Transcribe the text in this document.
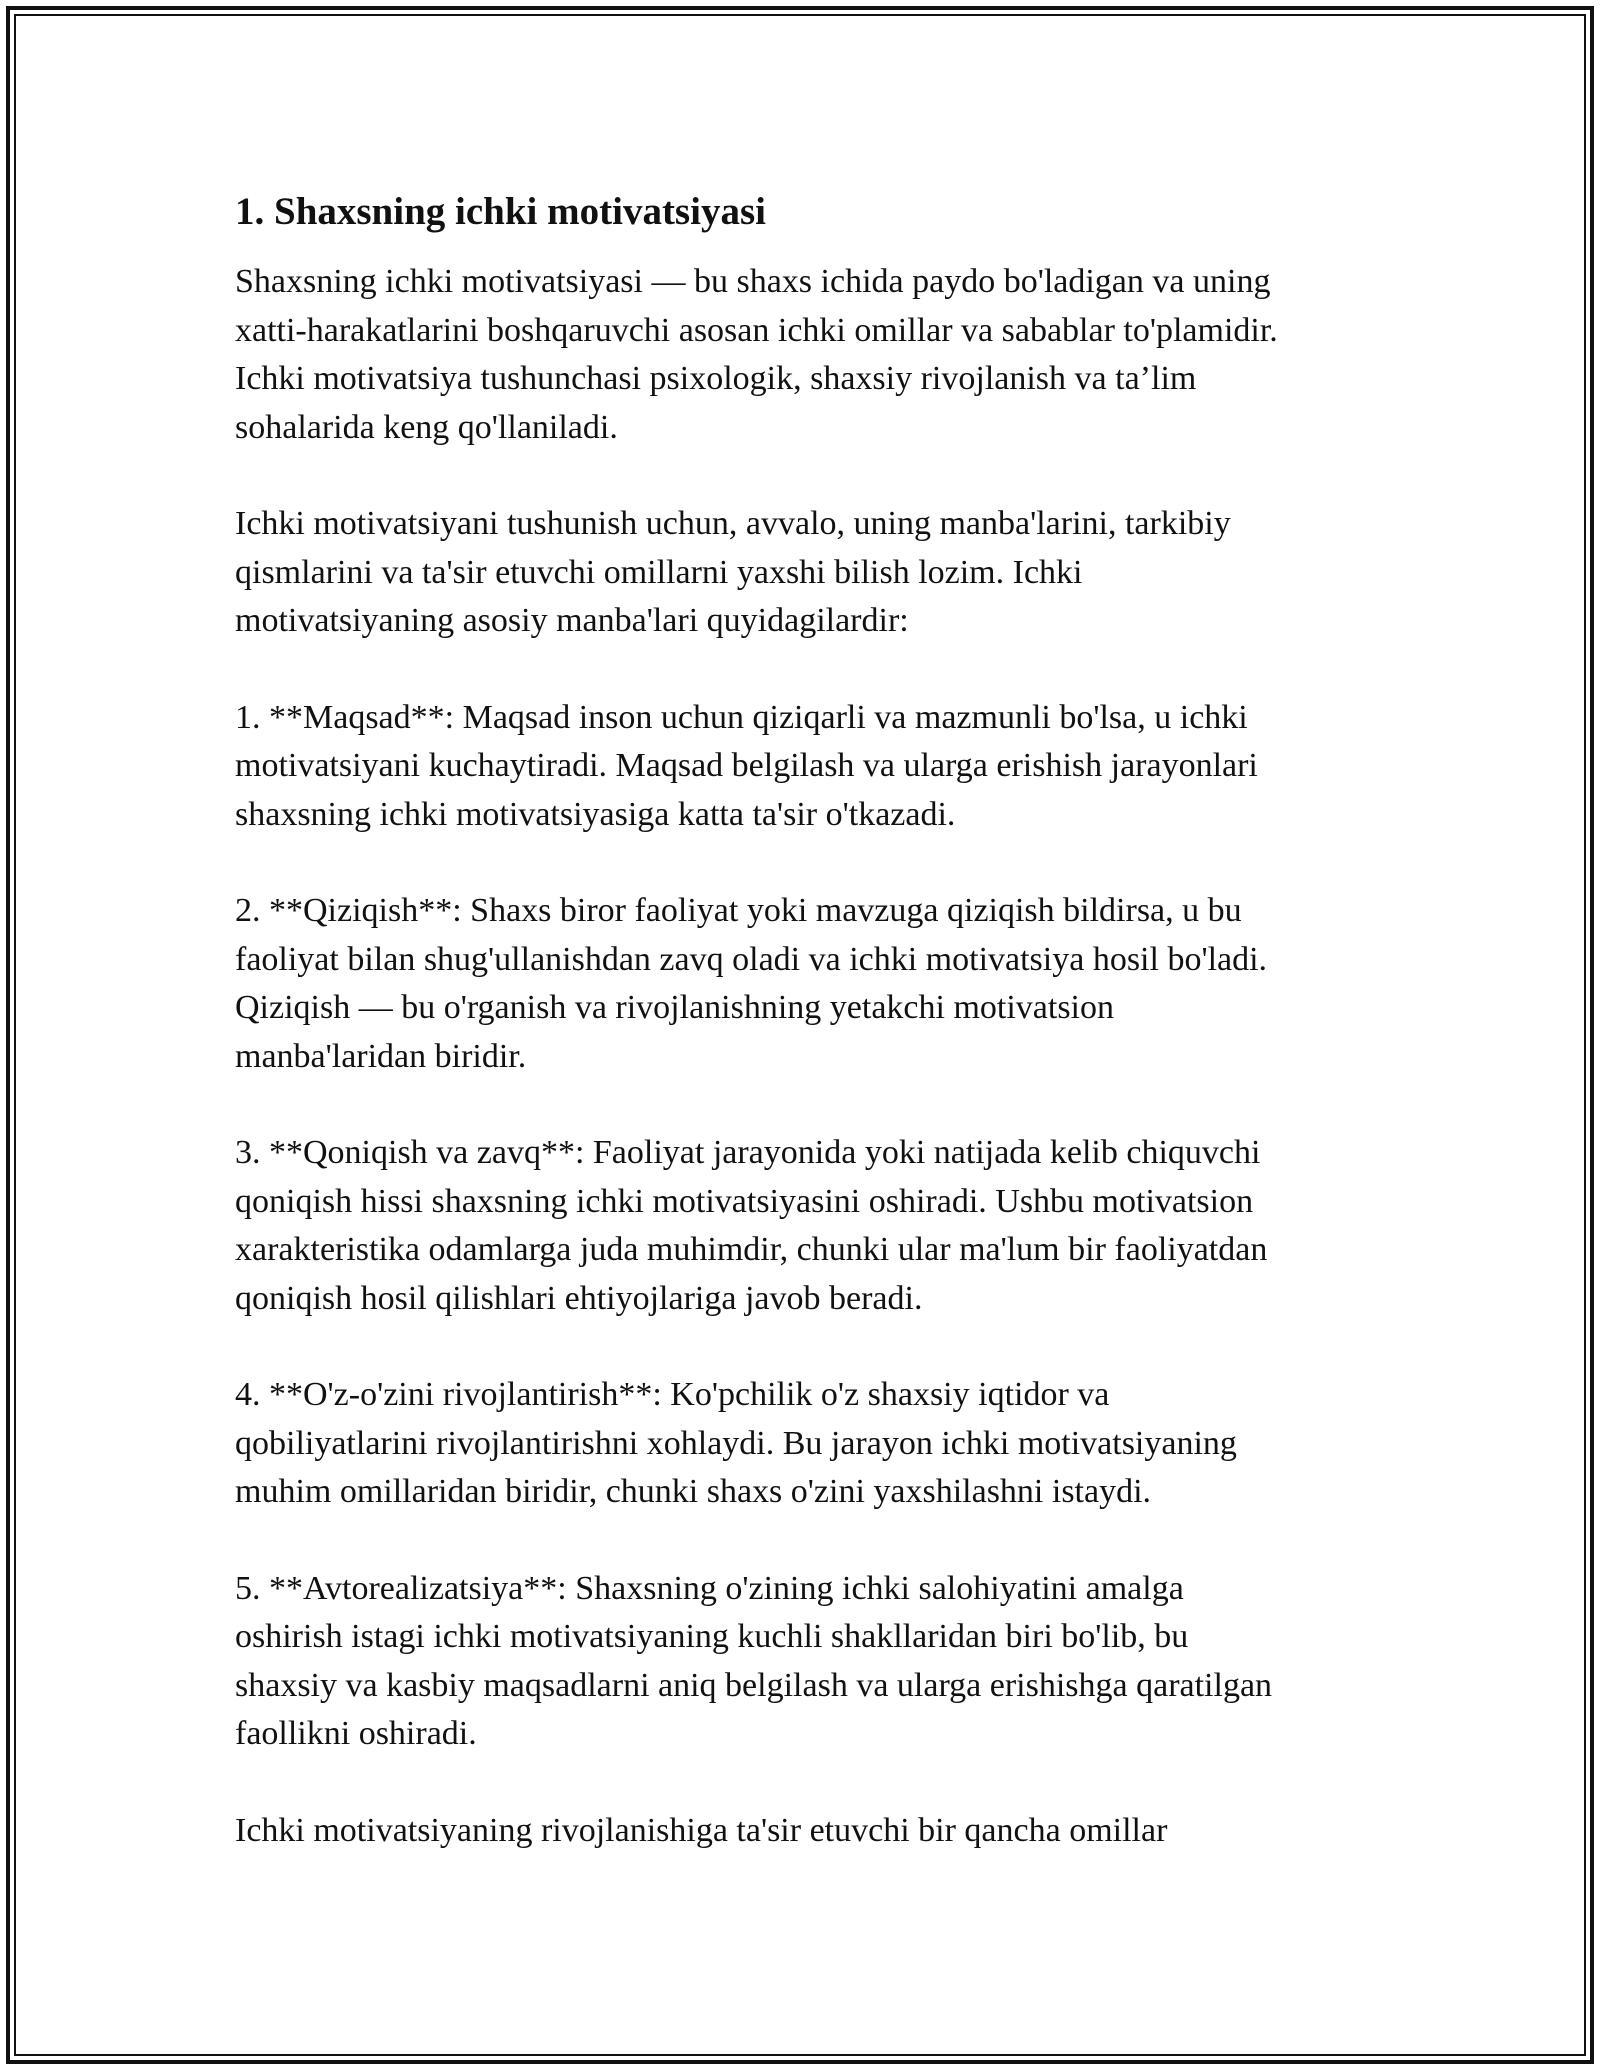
1. Shaxsning ichki motivatsiyasi

Shaxsning ichki motivatsiyasi — bu shaxs ichida paydo bo'ladigan va uning
xatti-harakatlarini boshqaruvchi asosan ichki omillar va sabablar to'plamidir.
Ichki motivatsiya tushunchasi psixologik, shaxsiy rivojlanish va ta’lim
sohalarida keng qo'llaniladi.

Ichki motivatsiyani tushunish uchun, avvalo, uning manba'larini, tarkibiy
qismlarini va ta'sir etuvchi omillarni yaxshi bilish lozim. Ichki
motivatsiyaning asosiy manba'lari quyidagilardir:

1. **Maqsad**: Maqsad inson uchun qiziqarli va mazmunli bo'lsa, u ichki
motivatsiyani kuchaytiradi. Maqsad belgilash va ularga erishish jarayonlari
shaxsning ichki motivatsiyasiga katta ta'sir o'tkazadi.

2. **Qiziqish**: Shaxs biror faoliyat yoki mavzuga qiziqish bildirsa, u bu
faoliyat bilan shug'ullanishdan zavq oladi va ichki motivatsiya hosil bo'ladi.
Qiziqish — bu o'rganish va rivojlanishning yetakchi motivatsion
manba'laridan biridir.

3. **Qoniqish va zavq**: Faoliyat jarayonida yoki natijada kelib chiquvchi
qoniqish hissi shaxsning ichki motivatsiyasini oshiradi. Ushbu motivatsion
xarakteristika odamlarga juda muhimdir, chunki ular ma'lum bir faoliyatdan
qoniqish hosil qilishlari ehtiyojlariga javob beradi.

4. **O'z-o'zini rivojlantirish**: Ko'pchilik o'z shaxsiy iqtidor va
qobiliyatlarini rivojlantirishni xohlaydi. Bu jarayon ichki motivatsiyaning
muhim omillaridan biridir, chunki shaxs o'zini yaxshilashni istaydi.

5. **Avtorealizatsiya**: Shaxsning o'zining ichki salohiyatini amalga
oshirish istagi ichki motivatsiyaning kuchli shakllaridan biri bo'lib, bu
shaxsiy va kasbiy maqsadlarni aniq belgilash va ularga erishishga qaratilgan
faollikni oshiradi.

Ichki motivatsiyaning rivojlanishiga ta'sir etuvchi bir qancha omillar
